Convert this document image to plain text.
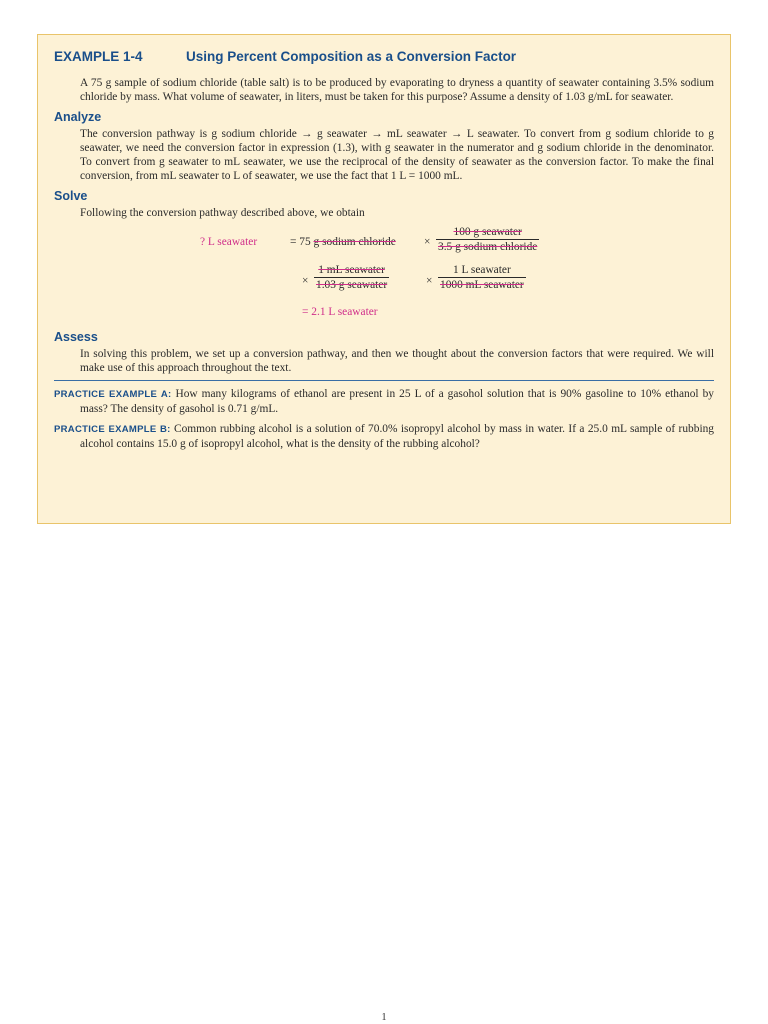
EXAMPLE 1-4	Using Percent Composition as a Conversion Factor

A 75 g sample of sodium chloride (table salt) is to be produced by evaporating to dryness a quantity of seawater containing 3.5% sodium chloride by mass. What volume of seawater, in liters, must be taken for this purpose? Assume a density of 1.03 g/mL for seawater.

Analyze

The conversion pathway is g sodium chloride → g seawater → mL seawater → L seawater. To convert from g sodium chloride to g seawater, we need the conversion factor in expression (1.3), with g seawater in the numerator and g sodium chloride in the denominator. To convert from g seawater to mL seawater, we use the reciprocal of the density of seawater as the conversion factor. To make the final conversion, from mL seawater to L of seawater, we use the fact that 1 L = 1000 mL.

Solve

Following the conversion pathway described above, we obtain

? L seawater	= 75 g sodium chloride ×
100 g seawater
3.5 g sodium chloride
×
1 mL seawater
1.03 g seawater	×
1 L seawater
1000 mL seawater
= 2.1 L seawater
Assess

In solving this problem, we set up a conversion pathway, and then we thought about the conversion factors that were required. We will make use of this approach throughout the text.

PRACTICE EXAMPLE A: How many kilograms of ethanol are present in 25 L of a gasohol solution that is 90% gasoline to 10% ethanol by mass? The density of gasohol is 0.71 g/mL.

PRACTICE EXAMPLE B: Common rubbing alcohol is a solution of 70.0% isopropyl alcohol by mass in water. If a 25.0 mL sample of rubbing alcohol contains 15.0 g of isopropyl alcohol, what is the density of the rubbing alcohol?

1
